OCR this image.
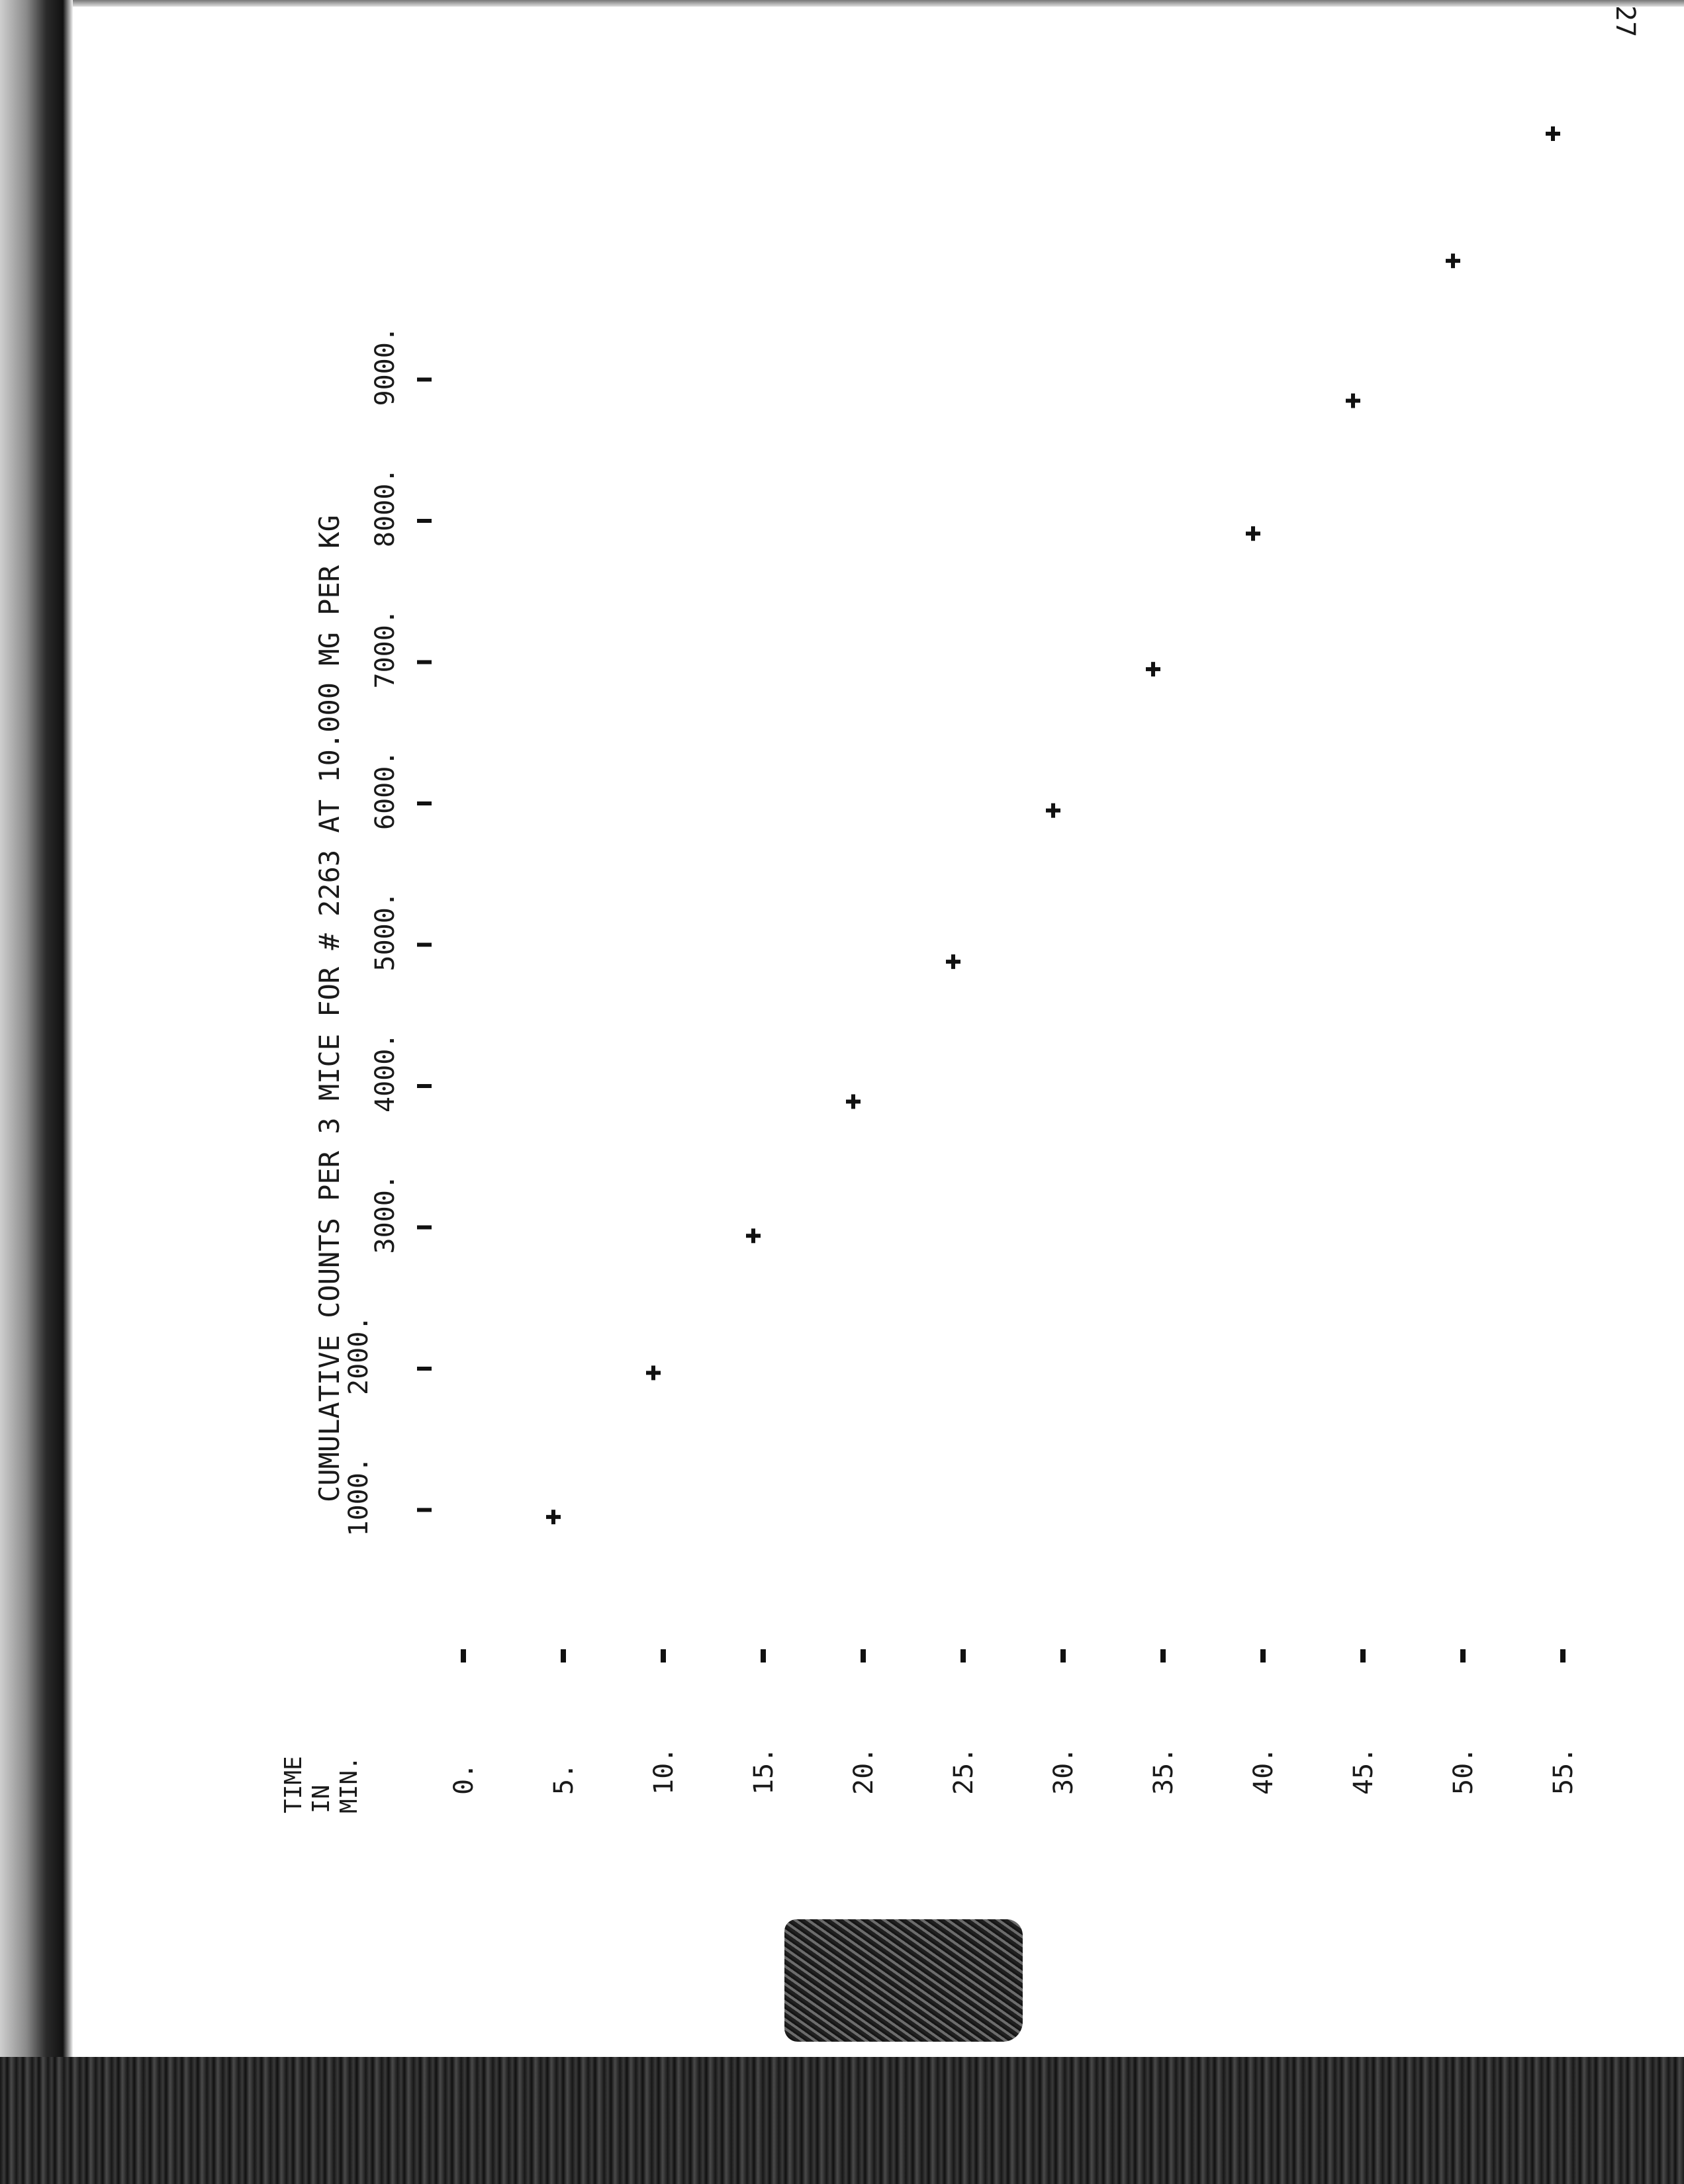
27
CUMULATIVE COUNTS PER 3 MICE FOR # 2263 AT 10.000 MG PER KG
TIME IN MIN.
1000.
2000.
3000.
4000.
5000.
6000.
7000.
8000.
9000.
0.	5.	10.	15.	20.	25.	30.	35.	40.	45.	50.	55.
